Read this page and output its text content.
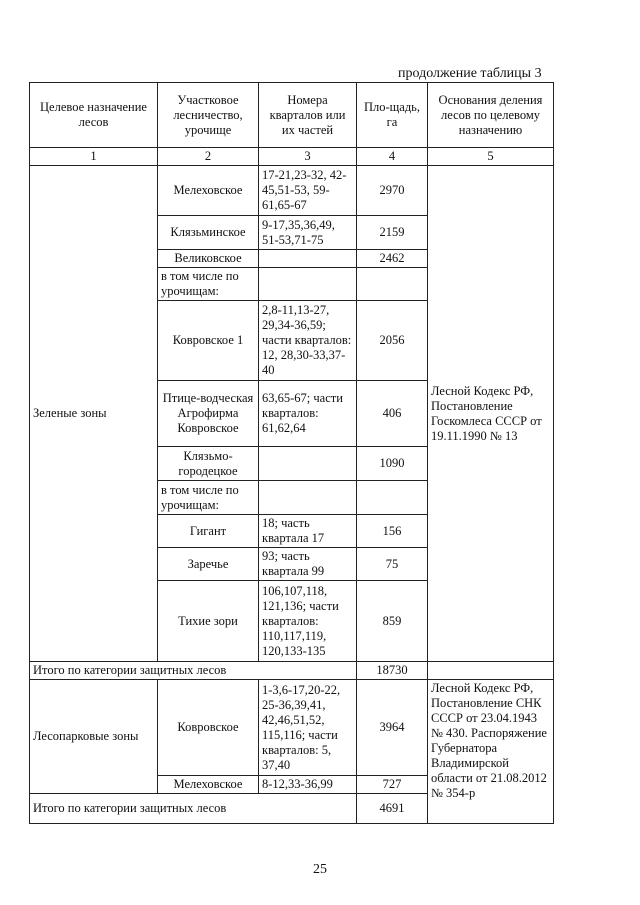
продолжение таблицы 3
Целевое назначение лесов	Участковое лесничество, урочище	Номера кварталов или их частей	Пло-щадь, га	Основания деления лесов по целевому назначению
1	2	3	4	5
Зеленые зоны	Мелеховское	17-21,23-32, 42-45,51-53, 59-61,65-67	2970	Лесной Кодекс РФ, Постановление Госкомлеса СССР от 19.11.1990 № 13
	Клязьминское	9-17,35,36,49, 51-53,71-75	2159	
	Великовское		2462	
	в том числе по урочищам:			
	Ковровское 1	2,8-11,13-27, 29,34-36,59; части кварталов: 12, 28,30-33,37-40	2056	
	Птице-водческая Агрофирма Ковровское	63,65-67; части кварталов: 61,62,64	406	
	Клязьмо-городецкое		1090	
	в том числе по урочищам:			
	Гигант	18; часть квартала 17	156	
	Заречье	93; часть квартала 99	75	
	Тихие зори	106,107,118, 121,136; части кварталов: 110,117,119, 120,133-135	859	
Итого по категории защитных лесов			18730	
Лесопарковые зоны	Ковровское	1-3,6-17,20-22, 25-36,39,41, 42,46,51,52, 115,116; части кварталов: 5, 37,40	3964	Лесной Кодекс РФ, Постановление СНК СССР от 23.04.1943 № 430. Распоряжение Губернатора Владимирской области от 21.08.2012 № 354-р
	Мелеховское	8-12,33-36,99	727	
Итого по категории защитных лесов			4691	
25
